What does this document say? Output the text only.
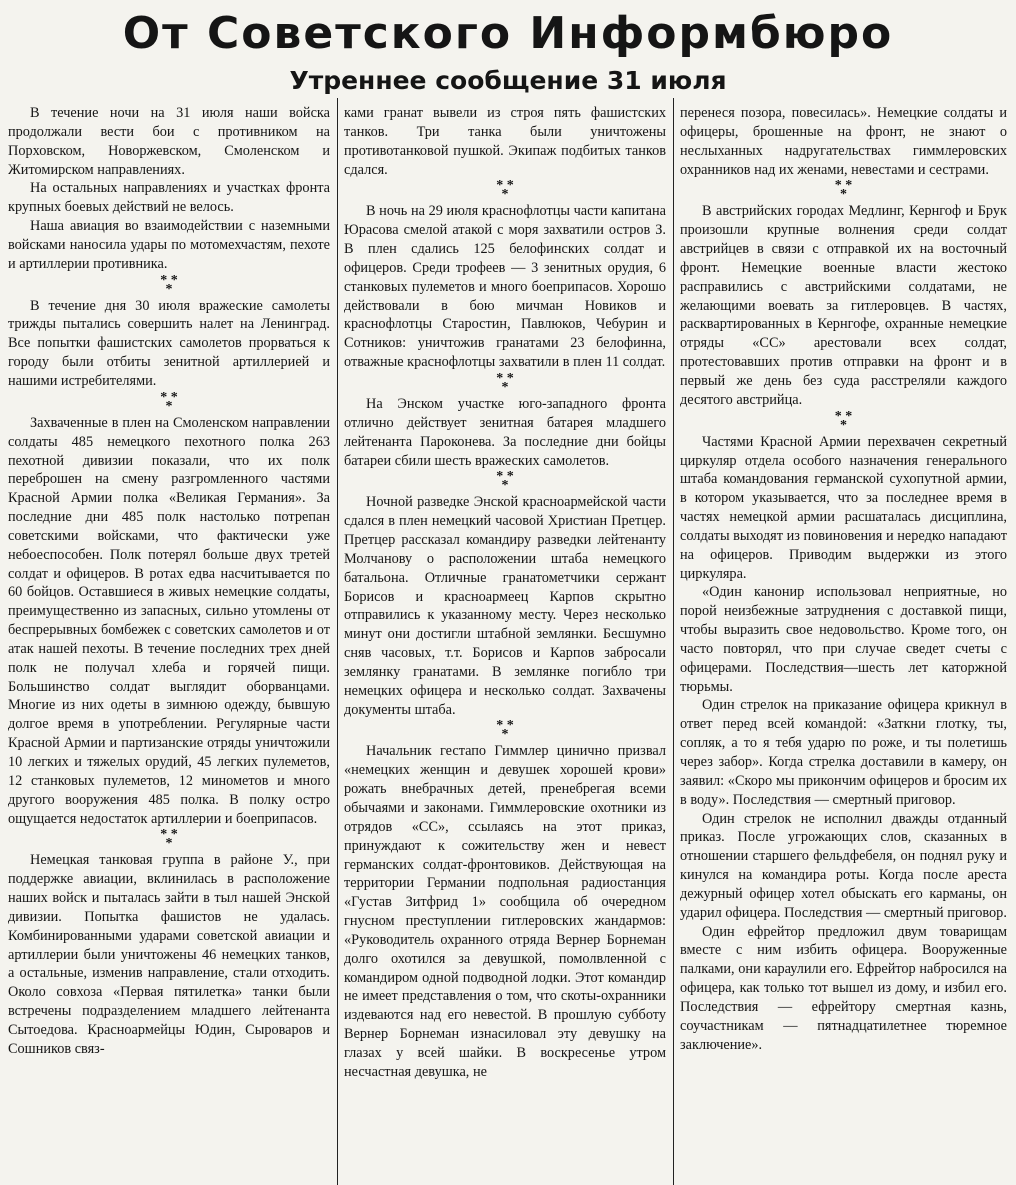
От Советского Информбюро
Утреннее сообщение 31 июля

В течение ночи на 31 июля наши войска продолжали вести бои с противником на Порховском, Новоржевском, Смоленском и Житомирском направлениях.

На остальных направлениях и участках фронта крупных боевых действий не велось.

Наша авиация во взаимодействии с наземными войсками наносила удары по мотомехчастям, пехоте и артиллерии противника.

* *
*

В течение дня 30 июля вражеские самолеты трижды пытались совершить налет на Ленинград. Все попытки фашистских самолетов прорваться к городу были отбиты зенитной артиллерией и нашими истребителями.

* *
*

Захваченные в плен на Смоленском направлении солдаты 485 немецкого пехотного полка 263 пехотной дивизии показали, что их полк переброшен на смену разгромленного частями Красной Армии полка «Великая Германия». За последние дни 485 полк настолько потрепан советскими войсками, что фактически уже небоеспособен. Полк потерял больше двух третей солдат и офицеров. В ротах едва насчитывается по 60 бойцов. Оставшиеся в живых немецкие солдаты, преимущественно из запасных, сильно утомлены от беспрерывных бомбежек с советских самолетов и от атак нашей пехоты. В течение последних трех дней полк не получал хлеба и горячей пищи. Большинство солдат выглядит оборванцами. Многие из них одеты в зимнюю одежду, бывшую долгое время в употреблении. Регулярные части Красной Армии и партизанские отряды уничтожили 10 легких и тяжелых орудий, 45 легких пулеметов, 12 станковых пулеметов, 12 минометов и много другого вооружения 485 полка. В полку остро ощущается недостаток артиллерии и боеприпасов.

* *
*

Немецкая танковая группа в районе У., при поддержке авиации, вклинилась в расположение наших войск и пыталась зайти в тыл нашей Энской дивизии. Попытка фашистов не удалась. Комбинированными ударами советской авиации и артиллерии были уничтожены 46 немецких танков, а остальные, изменив направление, стали отходить. Около совхоза «Первая пятилетка» танки были встречены подразделением младшего лейтенанта Сытоедова. Красноармейцы Юдин, Сыроваров и Сошников связ-

ками гранат вывели из строя пять фашистских танков. Три танка были уничтожены противотанковой пушкой. Экипаж подбитых танков сдался.

* *
*

В ночь на 29 июля краснофлотцы части капитана Юрасова смелой атакой с моря захватили остров З. В плен сдались 125 белофинских солдат и офицеров. Среди трофеев — 3 зенитных орудия, 6 станковых пулеметов и много боеприпасов. Хорошо действовали в бою мичман Новиков и краснофлотцы Старостин, Павлюков, Чебурин и Сотников: уничтожив гранатами 23 белофинна, отважные краснофлотцы захватили в плен 11 солдат.

* *
*

На Энском участке юго-западного фронта отлично действует зенитная батарея младшего лейтенанта Пароконева. За последние дни бойцы батареи сбили шесть вражеских самолетов.

* *
*

Ночной разведке Энской красноармейской части сдался в плен немецкий часовой Христиан Претцер. Претцер рассказал командиру разведки лейтенанту Молчанову о расположении штаба немецкого батальона. Отличные гранатометчики сержант Борисов и красноармеец Карпов скрытно отправились к указанному месту. Через несколько минут они достигли штабной землянки. Бесшумно сняв часовых, т.т. Борисов и Карпов забросали землянку гранатами. В землянке погибло три немецких офицера и несколько солдат. Захвачены документы штаба.

* *
*

Начальник гестапо Гиммлер цинично призвал «немецких женщин и девушек хорошей крови» рожать внебрачных детей, пренебрегая всеми обычаями и законами. Гиммлеровские охотники из отрядов «СС», ссылаясь на этот приказ, принуждают к сожительству жен и невест германских солдат-фронтовиков. Действующая на территории Германии подпольная радиостанция «Густав Зитфрид 1» сообщила об очередном гнусном преступлении гитлеровских жандармов: «Руководитель охранного отряда Вернер Борнеман долго охотился за девушкой, помолвленной с командиром одной подводной лодки. Этот командир не имеет представления о том, что скоты-охранники издеваются над его невестой. В прошлую субботу Вернер Борнеман изнасиловал эту девушку на глазах у всей шайки. В воскресенье утром несчастная девушка, не

перенеся позора, повесилась». Немецкие солдаты и офицеры, брошенные на фронт, не знают о неслыханных надругательствах гиммлеровских охранников над их женами, невестами и сестрами.

* *
*

В австрийских городах Медлинг, Кернгоф и Брук произошли крупные волнения среди солдат австрийцев в связи с отправкой их на восточный фронт. Немецкие военные власти жестоко расправились с австрийскими солдатами, не желающими воевать за гитлеровцев. В частях, расквартированных в Кернгофе, охранные немецкие отряды «СС» арестовали всех солдат, протестовавших против отправки на фронт и в первый же день без суда расстреляли каждого десятого австрийца.

* *
*

Частями Красной Армии перехвачен секретный циркуляр отдела особого назначения генерального штаба командования германской сухопутной армии, в котором указывается, что за последнее время в частях немецкой армии расшаталась дисциплина, солдаты выходят из повиновения и нередко нападают на офицеров. Приводим выдержки из этого циркуляра.

«Один канонир использовал неприятные, но порой неизбежные затруднения с доставкой пищи, чтобы выразить свое недовольство. Кроме того, он часто повторял, что при случае сведет счеты с офицерами. Последствия—шесть лет каторжной тюрьмы.

Один стрелок на приказание офицера крикнул в ответ перед всей командой: «Заткни глотку, ты, сопляк, а то я тебя ударю по роже, и ты полетишь через забор». Когда стрелка доставили в камеру, он заявил: «Скоро мы прикончим офицеров и бросим их в воду». Последствия — смертный приговор.

Один стрелок не исполнил дважды отданный приказ. После угрожающих слов, сказанных в отношении старшего фельдфебеля, он поднял руку и кинулся на командира роты. Когда после ареста дежурный офицер хотел обыскать его карманы, он ударил офицера. Последствия — смертный приговор.

Один ефрейтор предложил двум товарищам вместе с ним избить офицера. Вооруженные палками, они караулили его. Ефрейтор набросился на офицера, как только тот вышел из дому, и избил его. Последствия — ефрейтору смертная казнь, соучастникам — пятнадцатилетнее тюремное заключение».
